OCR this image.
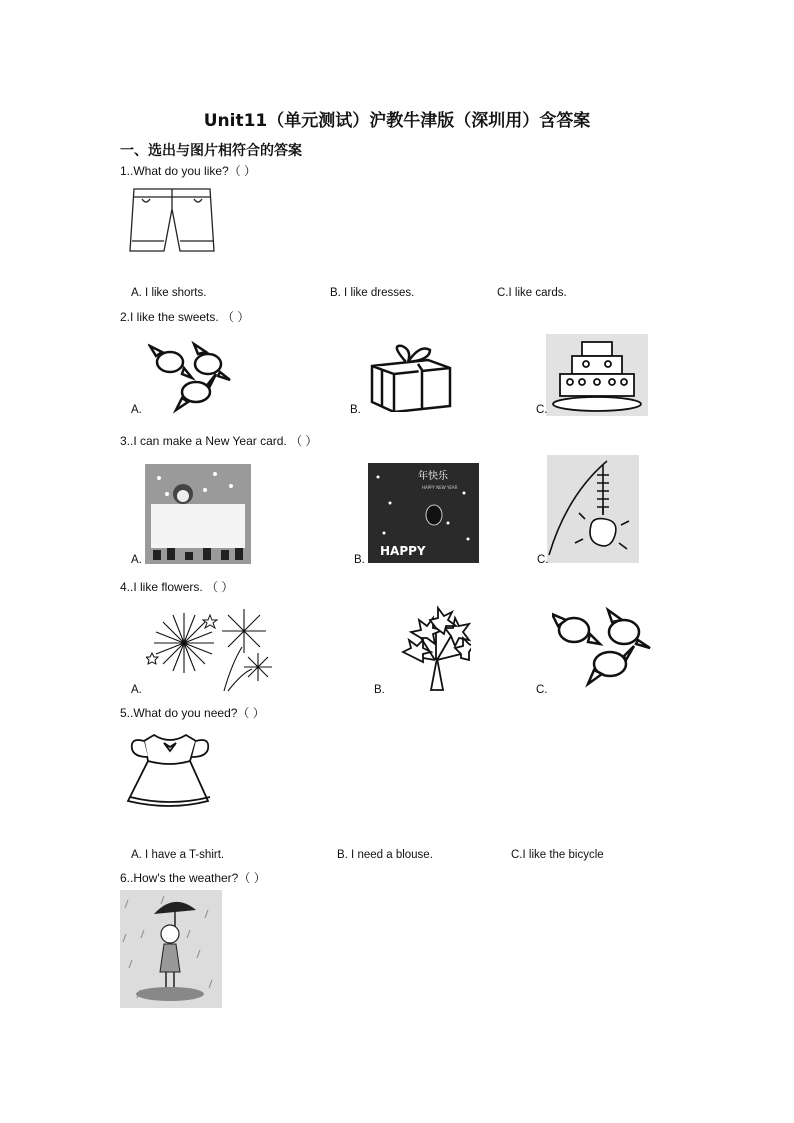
Unit11（单元测试）沪教牛津版（深圳用）含答案
一、选出与图片相符合的答案
1..What do you like?（ ）
A. I like shorts.	B. I like dresses.	C.I like cards.
2.I like the sweets. （ ）
A.	B.	C.
3..I can make a New Year card. （ ）
年快乐
HAPPY NEW YEAR
HAPPY
A.	B.	C.
4..I like flowers. （ ）
A.	B.	C.
5..What do you need?（ ）
A. I have a T-shirt.	B. I need a blouse.	C.I like the bicycle
6..How's the weather?（ ）
